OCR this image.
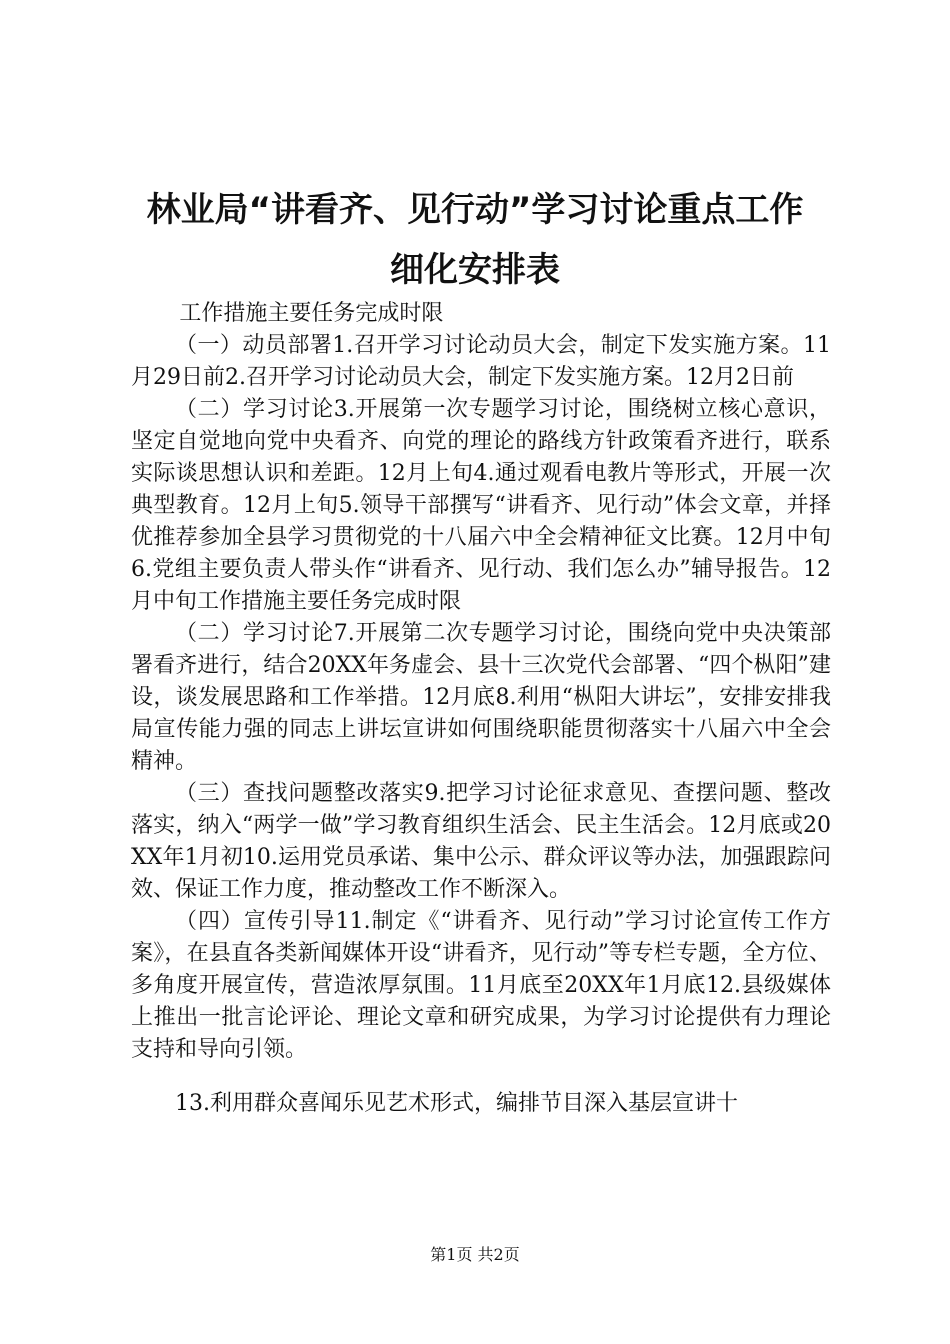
林业局“讲看齐、见行动”学习讨论重点工作
细化安排表

工作措施主要任务完成时限

（一）动员部署1.召开学习讨论动员大会，制定下发实施方案。11月29日前2.召开学习讨论动员大会，制定下发实施方案。12月2日前

（二）学习讨论3.开展第一次专题学习讨论，围绕树立核心意识，坚定自觉地向党中央看齐、向党的理论的路线方针政策看齐进行，联系实际谈思想认识和差距。12月上旬4.通过观看电教片等形式，开展一次典型教育。12月上旬5.领导干部撰写“讲看齐、见行动”体会文章，并择优推荐参加全县学习贯彻党的十八届六中全会精神征文比赛。12月中旬6.党组主要负责人带头作“讲看齐、见行动、我们怎么办”辅导报告。12月中旬工作措施主要任务完成时限

（二）学习讨论7.开展第二次专题学习讨论，围绕向党中央决策部署看齐进行，结合20XX年务虚会、县十三次党代会部署、“四个枞阳”建设，谈发展思路和工作举措。12月底8.利用“枞阳大讲坛”，安排安排我局宣传能力强的同志上讲坛宣讲如何围绕职能贯彻落实十八届六中全会精神。

（三）查找问题整改落实9.把学习讨论征求意见、查摆问题、整改落实，纳入“两学一做”学习教育组织生活会、民主生活会。12月底或20XX年1月初10.运用党员承诺、集中公示、群众评议等办法，加强跟踪问效、保证工作力度，推动整改工作不断深入。

（四）宣传引导11.制定《“讲看齐、见行动”学习讨论宣传工作方案》，在县直各类新闻媒体开设“讲看齐，见行动”等专栏专题，全方位、多角度开展宣传，营造浓厚氛围。11月底至20XX年1月底12.县级媒体上推出一批言论评论、理论文章和研究成果，为学习讨论提供有力理论支持和导向引领。

13.利用群众喜闻乐见艺术形式，编排节目深入基层宣讲十

第1页 共2页
